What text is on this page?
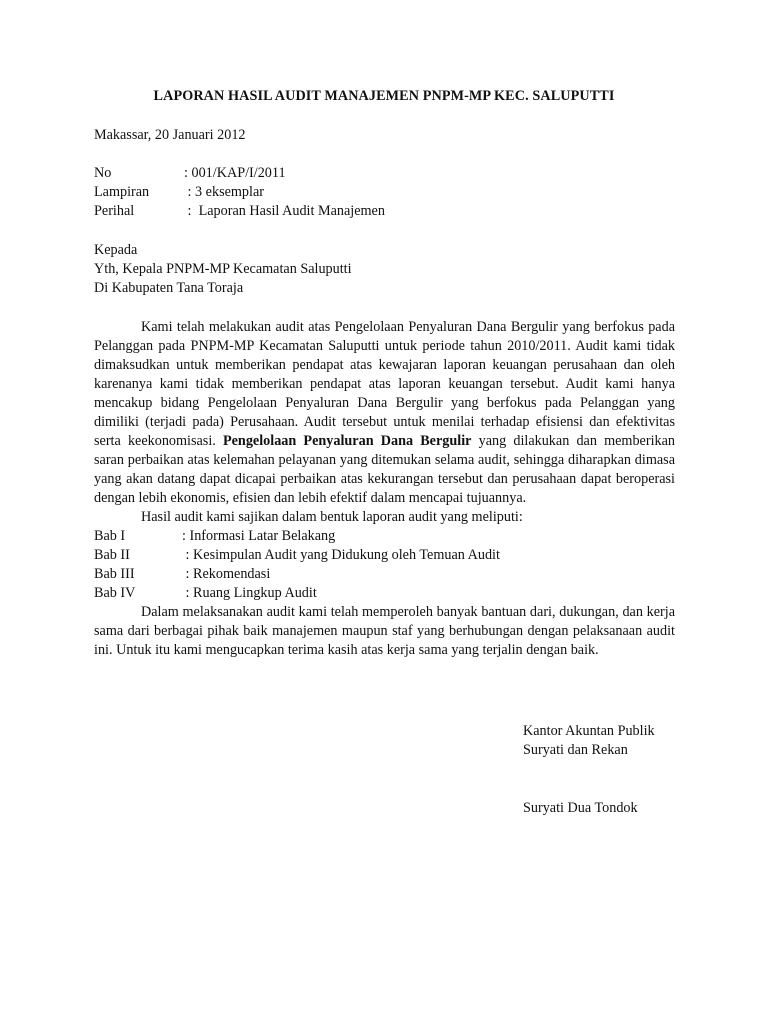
LAPORAN HASIL AUDIT MANAJEMEN PNPM-MP KEC. SALUPUTTI
Makassar, 20 Januari 2012
No	: 001/KAP/I/2011
Lampiran	: 3 eksemplar
Perihal	:  Laporan Hasil Audit Manajemen
Kepada
Yth, Kepala PNPM-MP Kecamatan Saluputti
Di Kabupaten Tana Toraja

Kami telah melakukan audit atas Pengelolaan Penyaluran Dana Bergulir yang berfokus pada Pelanggan pada PNPM-MP Kecamatan Saluputti untuk periode tahun 2010/2011. Audit kami tidak dimaksudkan untuk memberikan pendapat atas kewajaran laporan keuangan perusahaan dan oleh karenanya kami tidak memberikan pendapat atas laporan keuangan tersebut. Audit kami hanya mencakup bidang Pengelolaan Penyaluran Dana Bergulir yang berfokus pada Pelanggan yang dimiliki (terjadi pada) Perusahaan. Audit tersebut untuk menilai terhadap efisiensi dan efektivitas serta keekonomisasi. Pengelolaan Penyaluran Dana Bergulir yang dilakukan dan memberikan saran perbaikan atas kelemahan pelayanan yang ditemukan selama audit, sehingga diharapkan dimasa yang akan datang dapat dicapai perbaikan atas kekurangan tersebut dan perusahaan dapat beroperasi dengan lebih ekonomis, efisien dan lebih efektif dalam mencapai tujuannya.

Hasil audit kami sajikan dalam bentuk laporan audit yang meliputi:

Bab I	: Informasi Latar Belakang
Bab II	: Kesimpulan Audit yang Didukung oleh Temuan Audit
Bab III	: Rekomendasi
Bab IV	: Ruang Lingkup Audit

Dalam melaksanakan audit kami telah memperoleh banyak bantuan dari, dukungan, dan kerja sama dari berbagai pihak baik manajemen maupun staf yang berhubungan dengan pelaksanaan audit ini. Untuk itu kami mengucapkan terima kasih atas kerja sama yang terjalin dengan baik.

Kantor Akuntan Publik
Suryati dan Rekan
Suryati Dua Tondok
